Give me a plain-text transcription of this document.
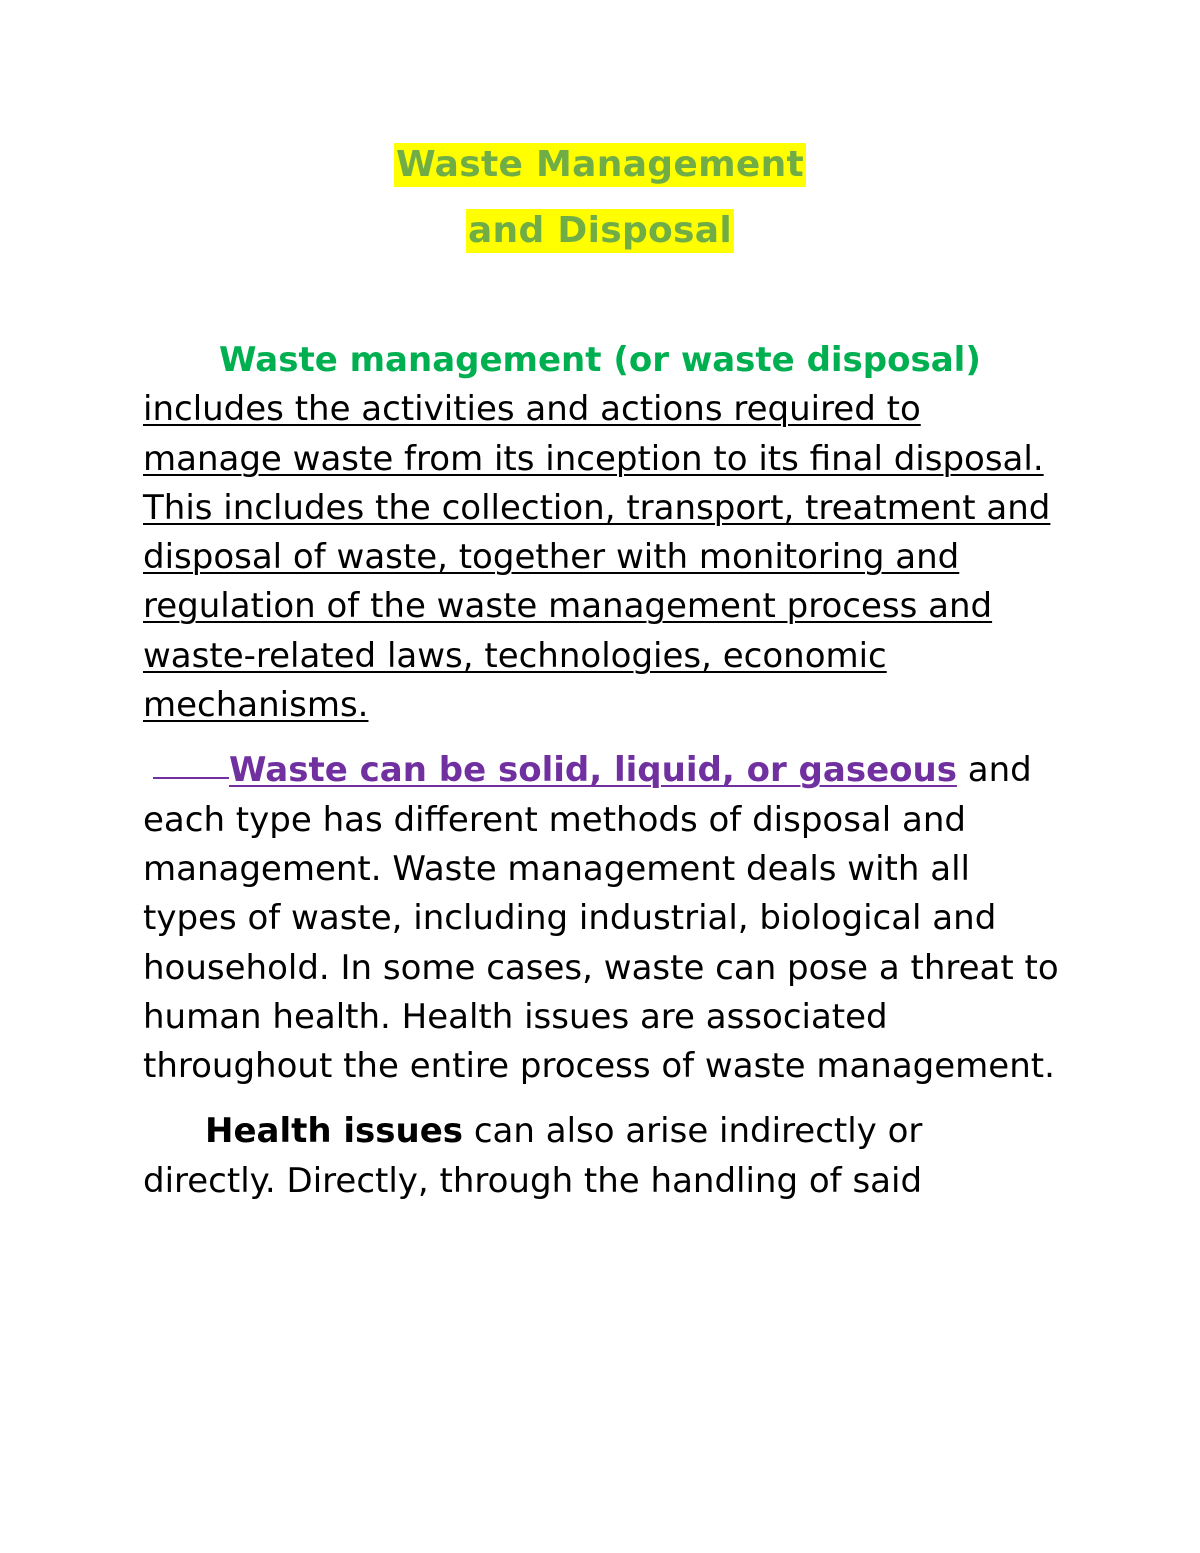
Waste Management
and Disposal

Waste management (or waste disposal) includes the activities and actions required to manage waste from its inception to its final disposal. This includes the collection, transport, treatment and disposal of waste, together with monitoring and regulation of the waste management process and waste-related laws, technologies, economic mechanisms.

Waste can be solid, liquid, or gaseous and each type has different methods of disposal and management. Waste management deals with all types of waste, including industrial, biological and household. In some cases, waste can pose a threat to human health. Health issues are associated throughout the entire process of waste management.

Health issues can also arise indirectly or directly. Directly, through the handling of said
